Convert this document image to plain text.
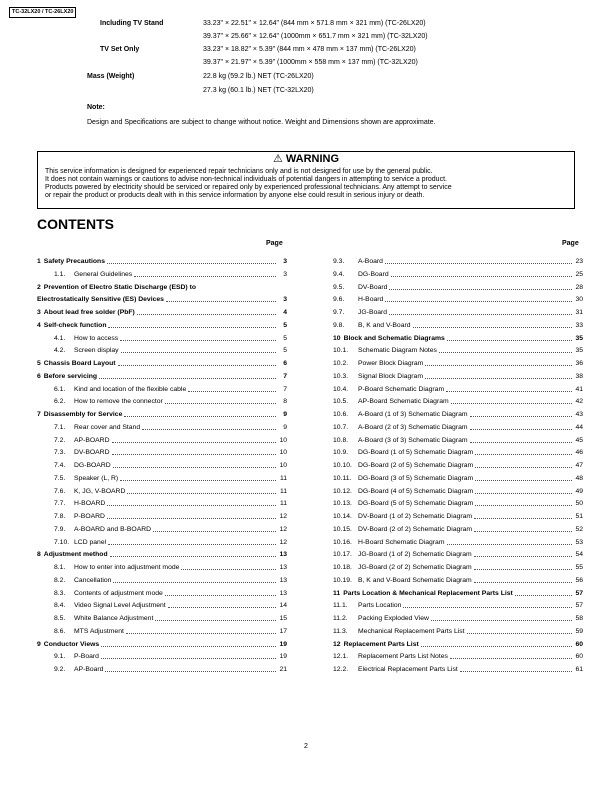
TC-32LX20 / TC-26LX20
Including TV Stand	33.23" × 22.51" × 12.64" (844 mm × 571.8 mm × 321 mm) (TC-26LX20)
39.37" × 25.66" × 12.64" (1000mm × 651.7 mm × 321 mm) (TC-32LX20)
TV Set Only	33.23" × 18.82" × 5.39" (844 mm × 478 mm × 137 mm) (TC-26LX20)
39.37" × 21.97" × 5.39" (1000mm × 558 mm × 137 mm) (TC-32LX20)
Mass (Weight)	22.8 kg (59.2 lb.) NET (TC-26LX20)
27.3 kg (60.1 lb.) NET (TC-32LX20)
Note:
Design and Specifications are subject to change without notice. Weight and Dimensions shown are approximate.
⚠ WARNING
This service information is designed for experienced repair technicians only and is not designed for use by the general public.
It does not contain warnings or cautions to advise non-technical individuals of potential dangers in attempting to service a product.
Products powered by electricity should be serviced or repaired only by experienced professional technicians. Any attempt to service
or repair the product or products dealt with in this service information by anyone else could result in serious injury or death.
CONTENTS
Page	Page
1 Safety Precautions	3
1.1.	General Guidelines	3
2 Prevention of Electro Static Discharge (ESD) to
Electrostatically Sensitive (ES) Devices	3
3 About lead free solder (PbF)	4
4 Self-check function	5
4.1.	How to access	5
4.2.	Screen display	5
5 Chassis Board Layout	6
6 Before servicing	7
6.1.	Kind and location of the flexible cable	7
6.2.	How to remove the connector	8
7 Disassembly for Service	9
7.1.	Rear cover and Stand	9
7.2.	AP-BOARD	10
7.3.	DV-BOARD	10
7.4.	DG-BOARD	10
7.5.	Speaker (L, R)	11
7.6.	K, JG, V-BOARD	11
7.7.	H-BOARD	11
7.8.	P-BOARD	12
7.9.	A-BOARD and B-BOARD	12
7.10. LCD panel	12
8 Adjustment method	13
8.1.	How to enter into adjustment mode	13
8.2.	Cancellation	13
8.3.	Contents of adjustment mode	13
8.4.	Video Signal Level Adjustment	14
8.5.	White Balance Adjustment	15
8.6.	MTS Adjustment	17
9 Conductor Views	19
9.1.	P-Board	19
9.2.	AP-Board	21
9.3.	A-Board	23
9.4.	DG-Board	25
9.5.	DV-Board	28
9.6.	H-Board	30
9.7.	JG-Board	31
9.8.	B, K and V-Board	33
10 Block and Schematic Diagrams	35
10.1.	Schematic Diagram Notes	35
10.2.	Power Block Diagram	36
10.3.	Signal Block Diagram	38
10.4.	P-Board Schematic Diagram	41
10.5.	AP-Board Schematic Diagram	42
10.6.	A-Board (1 of 3) Schematic Diagram	43
10.7.	A-Board (2 of 3) Schematic Diagram	44
10.8.	A-Board (3 of 3) Schematic Diagram	45
10.9.	DG-Board (1 of 5) Schematic Diagram	46
10.10. DG-Board (2 of 5) Schematic Diagram	47
10.11. DG-Board (3 of 5) Schematic Diagram	48
10.12. DG-Board (4 of 5) Schematic Diagram	49
10.13. DG-Board (5 of 5) Schematic Diagram	50
10.14. DV-Board (1 of 2) Schematic Diagram	51
10.15. DV-Board (2 of 2) Schematic Diagram	52
10.16. H-Board Schematic Diagram	53
10.17. JG-Board (1 of 2) Schematic Diagram	54
10.18. JG-Board (2 of 2) Schematic Diagram	55
10.19. B, K and V-Board Schematic Diagram	56
11 Parts Location & Mechanical Replacement Parts List	57
11.1.	Parts Location	57
11.2.	Packing Exploded View	58
11.3.	Mechanical Replacement Parts List	59
12 Replacement Parts List	60
12.1.	Replacement Parts List Notes	60
12.2.	Electrical Replacement Parts List	61
2
